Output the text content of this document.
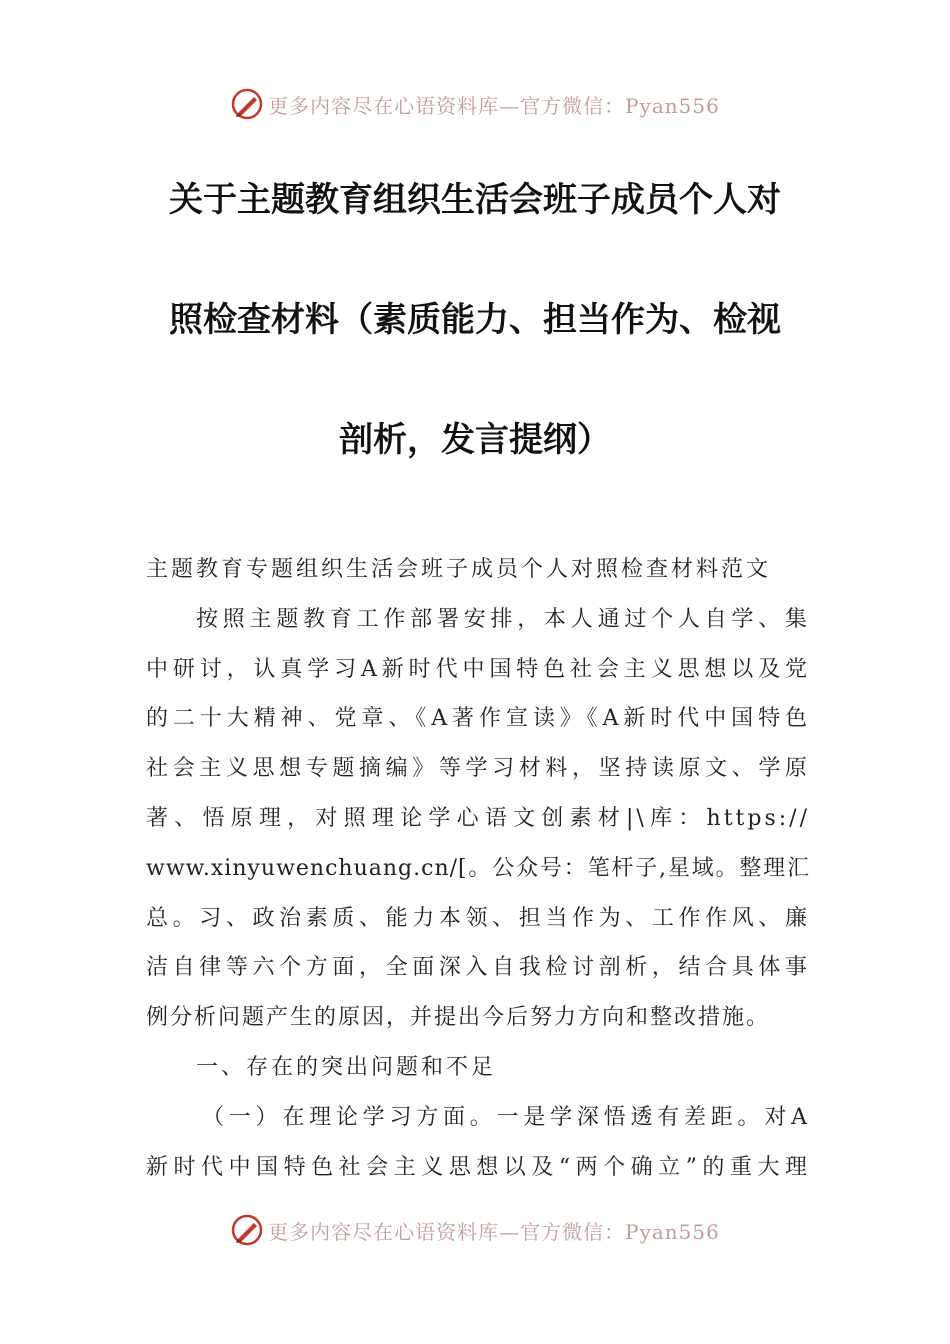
更多内容尽在心语资料库—官方微信：Pyan556
关于主题教育组织生活会班子成员个人对
照检查材料（素质能力、担当作为、检视
剖析，发言提纲）
主题教育专题组织生活会班子成员个人对照检查材料范文
按照主题教育工作部署安排，本人通过个人自学、集
中研讨，认真学习A新时代中国特色社会主义思想以及党
的二十大精神、党章、《A著作宣读》《A新时代中国特色
社会主义思想专题摘编》等学习材料，坚持读原文、学原
著、悟原理，对照理论学心语文创素材|\库：https://
www.xinyuwenchuang.cn/[。公众号：笔杆子,星域。整理汇
总。习、政治素质、能力本领、担当作为、工作作风、廉
洁自律等六个方面，全面深入自我检讨剖析，结合具体事
例分析问题产生的原因，并提出今后努力方向和整改措施。
一、存在的突出问题和不足
（一）在理论学习方面。一是学深悟透有差距。对A
新时代中国特色社会主义思想以及“两个确立”的重大理
更多内容尽在心语资料库—官方微信：Pyan556
